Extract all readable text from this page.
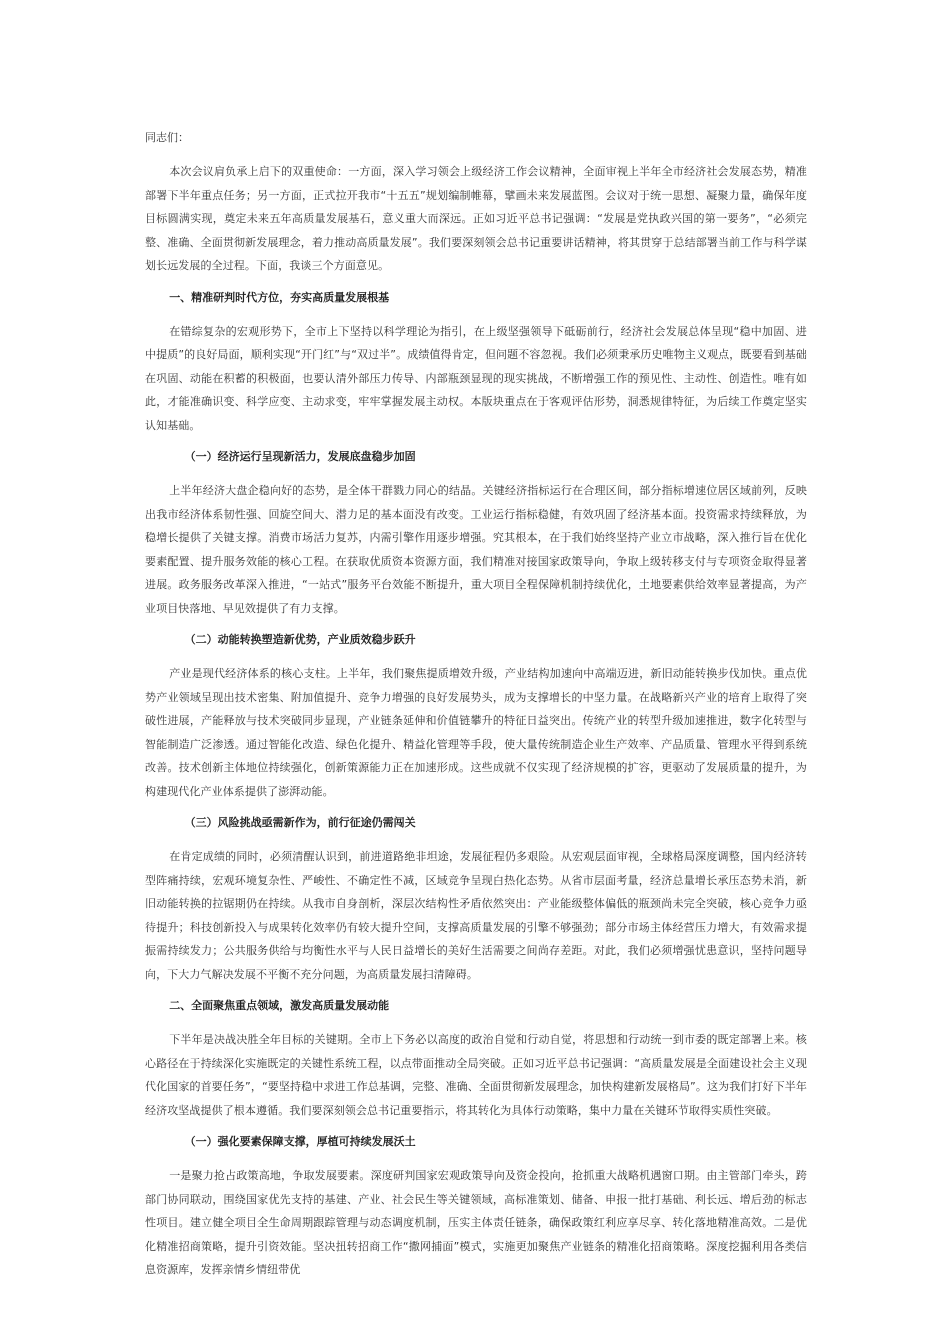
同志们：

本次会议肩负承上启下的双重使命：一方面，深入学习领会上级经济工作会议精神，全面审视上半年全市经济社会发展态势，精准部署下半年重点任务；另一方面，正式拉开我市“十五五”规划编制帷幕，擘画未来发展蓝图。会议对于统一思想、凝聚力量，确保年度目标圆满实现，奠定未来五年高质量发展基石，意义重大而深远。正如习近平总书记强调：“发展是党执政兴国的第一要务”，“必须完整、准确、全面贯彻新发展理念，着力推动高质量发展”。我们要深刻领会总书记重要讲话精神，将其贯穿于总结部署当前工作与科学谋划长远发展的全过程。下面，我谈三个方面意见。

一、精准研判时代方位，夯实高质量发展根基

在错综复杂的宏观形势下，全市上下坚持以科学理论为指引，在上级坚强领导下砥砺前行，经济社会发展总体呈现“稳中加固、进中提质”的良好局面，顺利实现“开门红”与“双过半”。成绩值得肯定，但问题不容忽视。我们必须秉承历史唯物主义观点，既要看到基础在巩固、动能在积蓄的积极面，也要认清外部压力传导、内部瓶颈显现的现实挑战，不断增强工作的预见性、主动性、创造性。唯有如此，才能准确识变、科学应变、主动求变，牢牢掌握发展主动权。本版块重点在于客观评估形势，洞悉规律特征，为后续工作奠定坚实认知基础。

（一）经济运行呈现新活力，发展底盘稳步加固

上半年经济大盘企稳向好的态势，是全体干群戮力同心的结晶。关键经济指标运行在合理区间，部分指标增速位居区域前列，反映出我市经济体系韧性强、回旋空间大、潜力足的基本面没有改变。工业运行指标稳健，有效巩固了经济基本面。投资需求持续释放，为稳增长提供了关键支撑。消费市场活力复苏，内需引擎作用逐步增强。究其根本，在于我们始终坚持产业立市战略，深入推行旨在优化要素配置、提升服务效能的核心工程。在获取优质资本资源方面，我们精准对接国家政策导向，争取上级转移支付与专项资金取得显著进展。政务服务改革深入推进，“一站式”服务平台效能不断提升，重大项目全程保障机制持续优化，土地要素供给效率显著提高，为产业项目快落地、早见效提供了有力支撑。

（二）动能转换塑造新优势，产业质效稳步跃升

产业是现代经济体系的核心支柱。上半年，我们聚焦提质增效升级，产业结构加速向中高端迈进，新旧动能转换步伐加快。重点优势产业领域呈现出技术密集、附加值提升、竞争力增强的良好发展势头，成为支撑增长的中坚力量。在战略新兴产业的培育上取得了突破性进展，产能释放与技术突破同步显现，产业链条延伸和价值链攀升的特征日益突出。传统产业的转型升级加速推进，数字化转型与智能制造广泛渗透。通过智能化改造、绿色化提升、精益化管理等手段，使大量传统制造企业生产效率、产品质量、管理水平得到系统改善。技术创新主体地位持续强化，创新策源能力正在加速形成。这些成就不仅实现了经济规模的扩容，更驱动了发展质量的提升，为构建现代化产业体系提供了澎湃动能。

（三）风险挑战亟需新作为，前行征途仍需闯关

在肯定成绩的同时，必须清醒认识到，前进道路绝非坦途，发展征程仍多艰险。从宏观层面审视，全球格局深度调整，国内经济转型阵痛持续，宏观环境复杂性、严峻性、不确定性不减，区域竞争呈现白热化态势。从省市层面考量，经济总量增长承压态势未消，新旧动能转换的拉锯期仍在持续。从我市自身剖析，深层次结构性矛盾依然突出：产业能级整体偏低的瓶颈尚未完全突破，核心竞争力亟待提升；科技创新投入与成果转化效率仍有较大提升空间，支撑高质量发展的引擎不够强劲；部分市场主体经营压力增大，有效需求提振需持续发力；公共服务供给与均衡性水平与人民日益增长的美好生活需要之间尚存差距。对此，我们必须增强忧患意识，坚持问题导向，下大力气解决发展不平衡不充分问题，为高质量发展扫清障碍。

二、全面聚焦重点领域，激发高质量发展动能

下半年是决战决胜全年目标的关键期。全市上下务必以高度的政治自觉和行动自觉，将思想和行动统一到市委的既定部署上来。核心路径在于持续深化实施既定的关键性系统工程，以点带面推动全局突破。正如习近平总书记强调：“高质量发展是全面建设社会主义现代化国家的首要任务”，“要坚持稳中求进工作总基调，完整、准确、全面贯彻新发展理念，加快构建新发展格局”。这为我们打好下半年经济攻坚战提供了根本遵循。我们要深刻领会总书记重要指示，将其转化为具体行动策略，集中力量在关键环节取得实质性突破。

（一）强化要素保障支撑，厚植可持续发展沃土

一是聚力抢占政策高地，争取发展要素。深度研判国家宏观政策导向及资金投向，抢抓重大战略机遇窗口期。由主管部门牵头，跨部门协同联动，围绕国家优先支持的基建、产业、社会民生等关键领域，高标准策划、储备、申报一批打基础、利长远、增后劲的标志性项目。建立健全项目全生命周期跟踪管理与动态调度机制，压实主体责任链条，确保政策红利应享尽享、转化落地精准高效。二是优化精准招商策略，提升引资效能。坚决扭转招商工作“撒网捕面”模式，实施更加聚焦产业链条的精准化招商策略。深度挖掘利用各类信息资源库，发挥亲情乡情纽带优
